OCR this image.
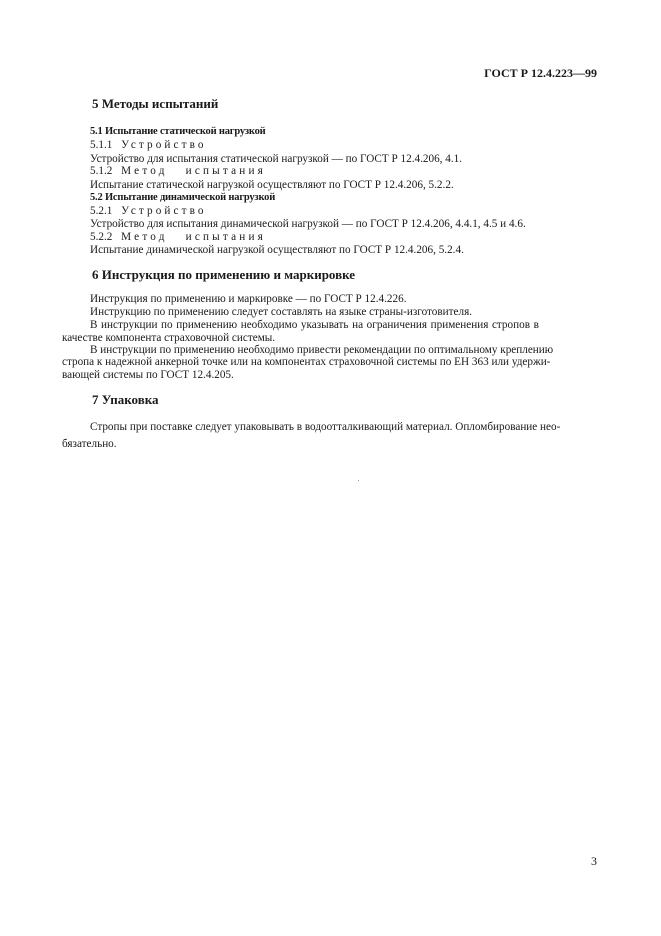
ГОСТ Р 12.4.223—99
5 Методы испытаний
5.1 Испытание статической нагрузкой
5.1.1 Устройство
Устройство для испытания статической нагрузкой — по ГОСТ Р 12.4.206, 4.1.
5.1.2 Метод испытания
Испытание статической нагрузкой осуществляют по ГОСТ Р 12.4.206, 5.2.2.
5.2 Испытание динамической нагрузкой
5.2.1 Устройство
Устройство для испытания динамической нагрузкой — по ГОСТ Р 12.4.206, 4.4.1, 4.5 и 4.6.
5.2.2 Метод испытания
Испытание динамической нагрузкой осуществляют по ГОСТ Р 12.4.206, 5.2.4.
6 Инструкция по применению и маркировке
Инструкция по применению и маркировке — по ГОСТ Р 12.4.226.
Инструкцию по применению следует составлять на языке страны-изготовителя.
В инструкции по применению необходимо указывать на ограничения применения стропов в
качестве компонента страховочной системы.
В инструкции по применению необходимо привести рекомендации по оптимальному креплению
стропа к надежной анкерной точке или на компонентах страховочной системы по ЕН 363 или удержи-
вающей системы по ГОСТ 12.4.205.
7 Упаковка
Стропы при поставке следует упаковывать в водоотталкивающий материал. Опломбирование нео-
бязательно.
3
